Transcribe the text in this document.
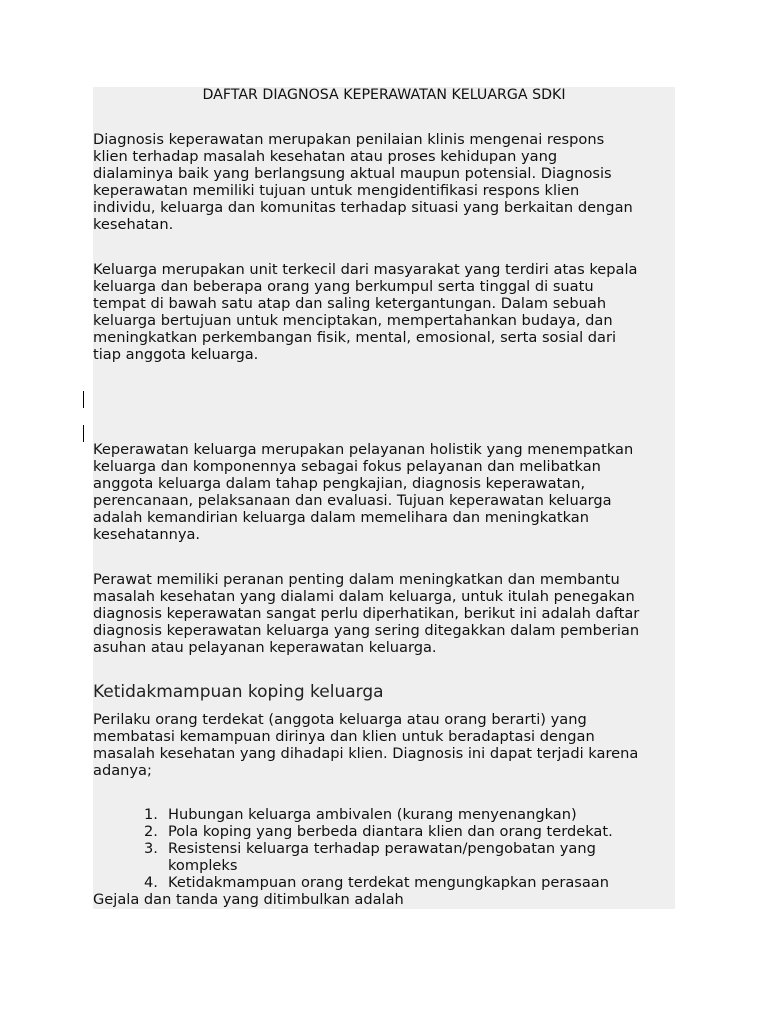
DAFTAR DIAGNOSA KEPERAWATAN KELUARGA SDKI
Diagnosis keperawatan merupakan penilaian klinis mengenai respons
klien terhadap masalah kesehatan atau proses kehidupan yang
dialaminya baik yang berlangsung aktual maupun potensial. Diagnosis
keperawatan memiliki tujuan untuk mengidentifikasi respons klien
individu, keluarga dan komunitas terhadap situasi yang berkaitan dengan
kesehatan.
Keluarga merupakan unit terkecil dari masyarakat yang terdiri atas kepala
keluarga dan beberapa orang yang berkumpul serta tinggal di suatu
tempat di bawah satu atap dan saling ketergantungan. Dalam sebuah
keluarga bertujuan untuk menciptakan, mempertahankan budaya, dan
meningkatkan perkembangan fisik, mental, emosional, serta sosial dari
tiap anggota keluarga.
Keperawatan keluarga merupakan pelayanan holistik yang menempatkan
keluarga dan komponennya sebagai fokus pelayanan dan melibatkan
anggota keluarga dalam tahap pengkajian, diagnosis keperawatan,
perencanaan, pelaksanaan dan evaluasi. Tujuan keperawatan keluarga
adalah kemandirian keluarga dalam memelihara dan meningkatkan
kesehatannya.
Perawat memiliki peranan penting dalam meningkatkan dan membantu
masalah kesehatan yang dialami dalam keluarga, untuk itulah penegakan
diagnosis keperawatan sangat perlu diperhatikan, berikut ini adalah daftar
diagnosis keperawatan keluarga yang sering ditegakkan dalam pemberian
asuhan atau pelayanan keperawatan keluarga.
Ketidakmampuan koping keluarga
Perilaku orang terdekat (anggota keluarga atau orang berarti) yang
membatasi kemampuan dirinya dan klien untuk beradaptasi dengan
masalah kesehatan yang dihadapi klien. Diagnosis ini dapat terjadi karena
adanya;
1. Hubungan keluarga ambivalen (kurang menyenangkan)
2. Pola koping yang berbeda diantara klien dan orang terdekat.
3. Resistensi keluarga terhadap perawatan/pengobatan yang
kompleks
4. Ketidakmampuan orang terdekat mengungkapkan perasaan
Gejala dan tanda yang ditimbulkan adalah
